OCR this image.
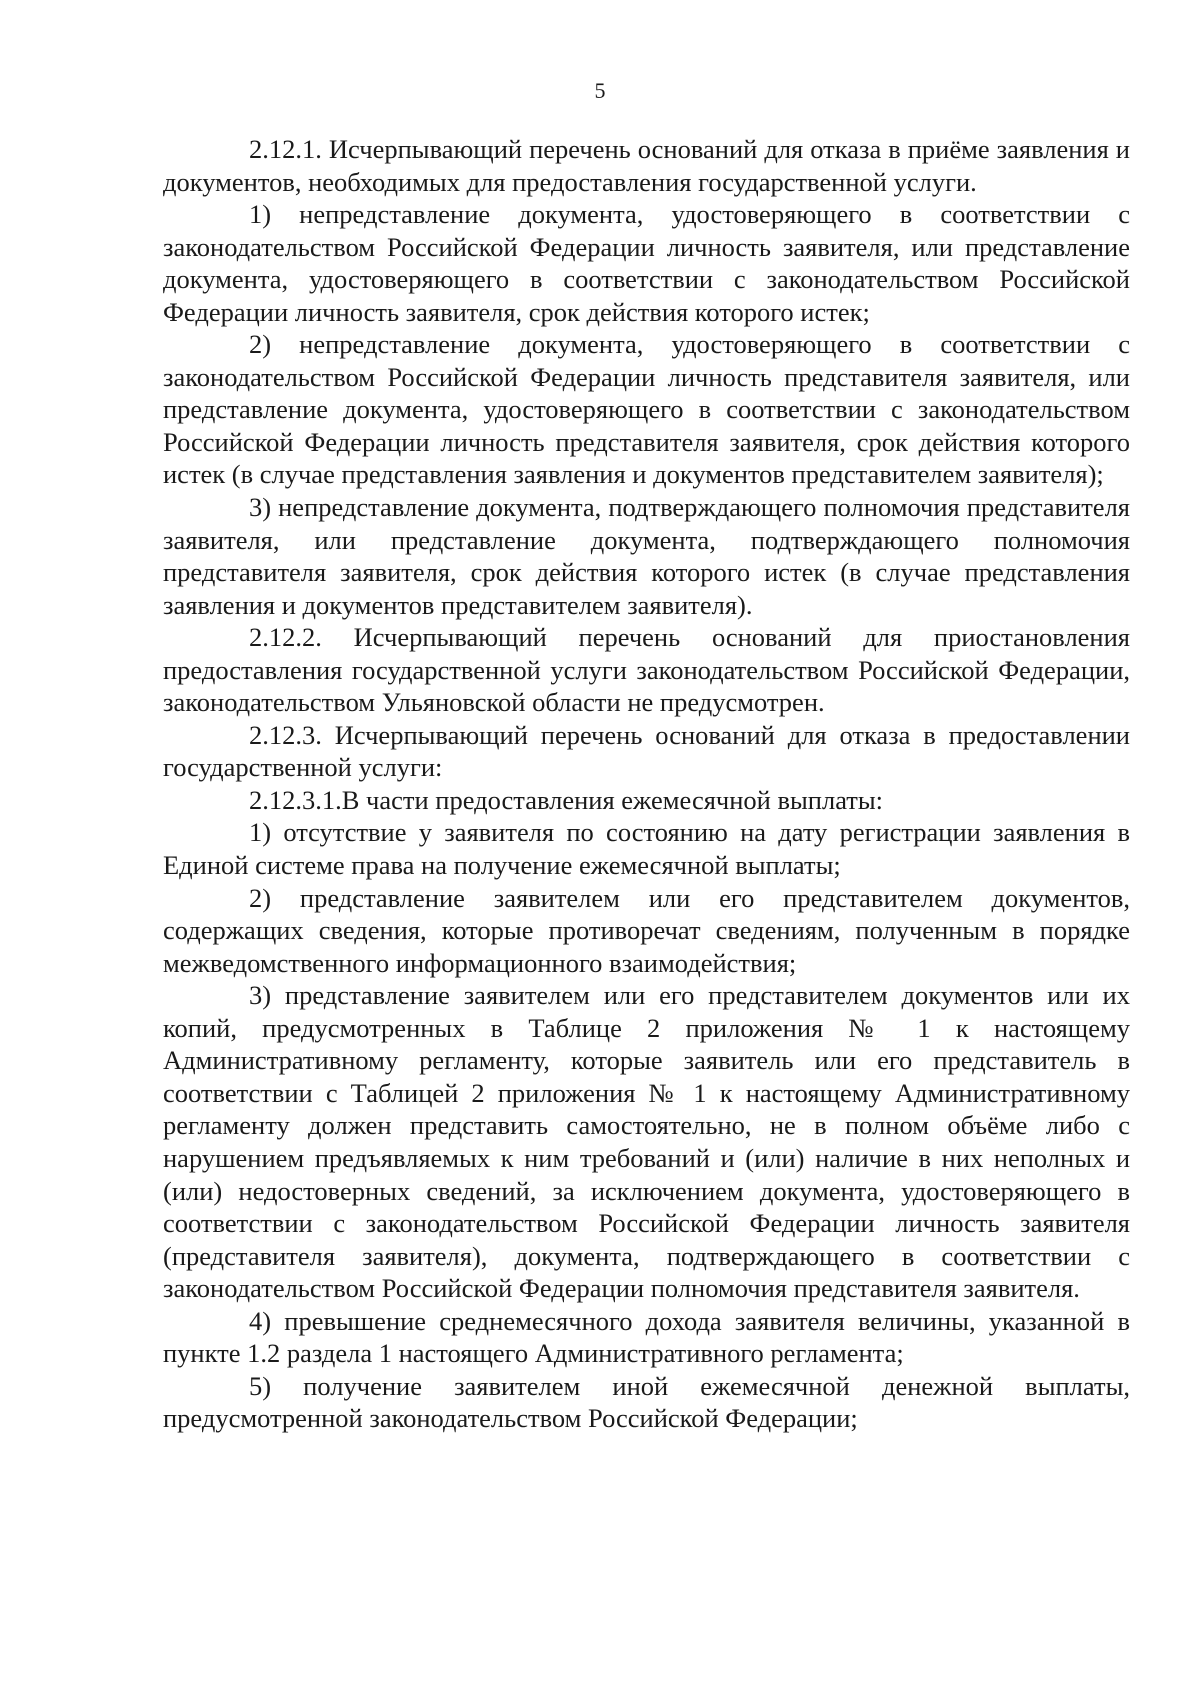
5

2.12.1. Исчерпывающий перечень оснований для отказа в приёме заявления и документов, необходимых для предоставления государственной услуги.

1) непредставление документа, удостоверяющего в соответствии с законодательством Российской Федерации личность заявителя, или представление документа, удостоверяющего в соответствии с законодательством Российской Федерации личность заявителя, срок действия которого истек;

2) непредставление документа, удостоверяющего в соответствии с законодательством Российской Федерации личность представителя заявителя, или представление документа, удостоверяющего в соответствии с законодательством Российской Федерации личность представителя заявителя, срок действия которого истек (в случае представления заявления и документов представителем заявителя);

3) непредставление документа, подтверждающего полномочия представителя заявителя, или представление документа, подтверждающего полномочия представителя заявителя, срок действия которого истек (в случае представления заявления и документов представителем заявителя).

2.12.2. Исчерпывающий перечень оснований для приостановления предоставления государственной услуги законодательством Российской Федерации, законодательством Ульяновской области не предусмотрен.

2.12.3. Исчерпывающий перечень оснований для отказа в предоставлении государственной услуги:

2.12.3.1.В части предоставления ежемесячной выплаты:

1) отсутствие у заявителя по состоянию на дату регистрации заявления в Единой системе права на получение ежемесячной выплаты;

2) представление заявителем или его представителем документов, содержащих сведения, которые противоречат сведениям, полученным в порядке межведомственного информационного взаимодействия;

3) представление заявителем или его представителем документов или их копий, предусмотренных в Таблице 2 приложения № 1 к настоящему Административному регламенту, которые заявитель или его представитель в соответствии с Таблицей 2 приложения № 1 к настоящему Административному регламенту должен представить самостоятельно, не в полном объёме либо с нарушением предъявляемых к ним требований и (или) наличие в них неполных и (или) недостоверных сведений, за исключением документа, удостоверяющего в соответствии с законодательством Российской Федерации личность заявителя (представителя заявителя), документа, подтверждающего в соответствии с законодательством Российской Федерации полномочия представителя заявителя.

4) превышение среднемесячного дохода заявителя величины, указанной в пункте 1.2 раздела 1 настоящего Административного регламента;

5) получение заявителем иной ежемесячной денежной выплаты, предусмотренной законодательством Российской Федерации;
